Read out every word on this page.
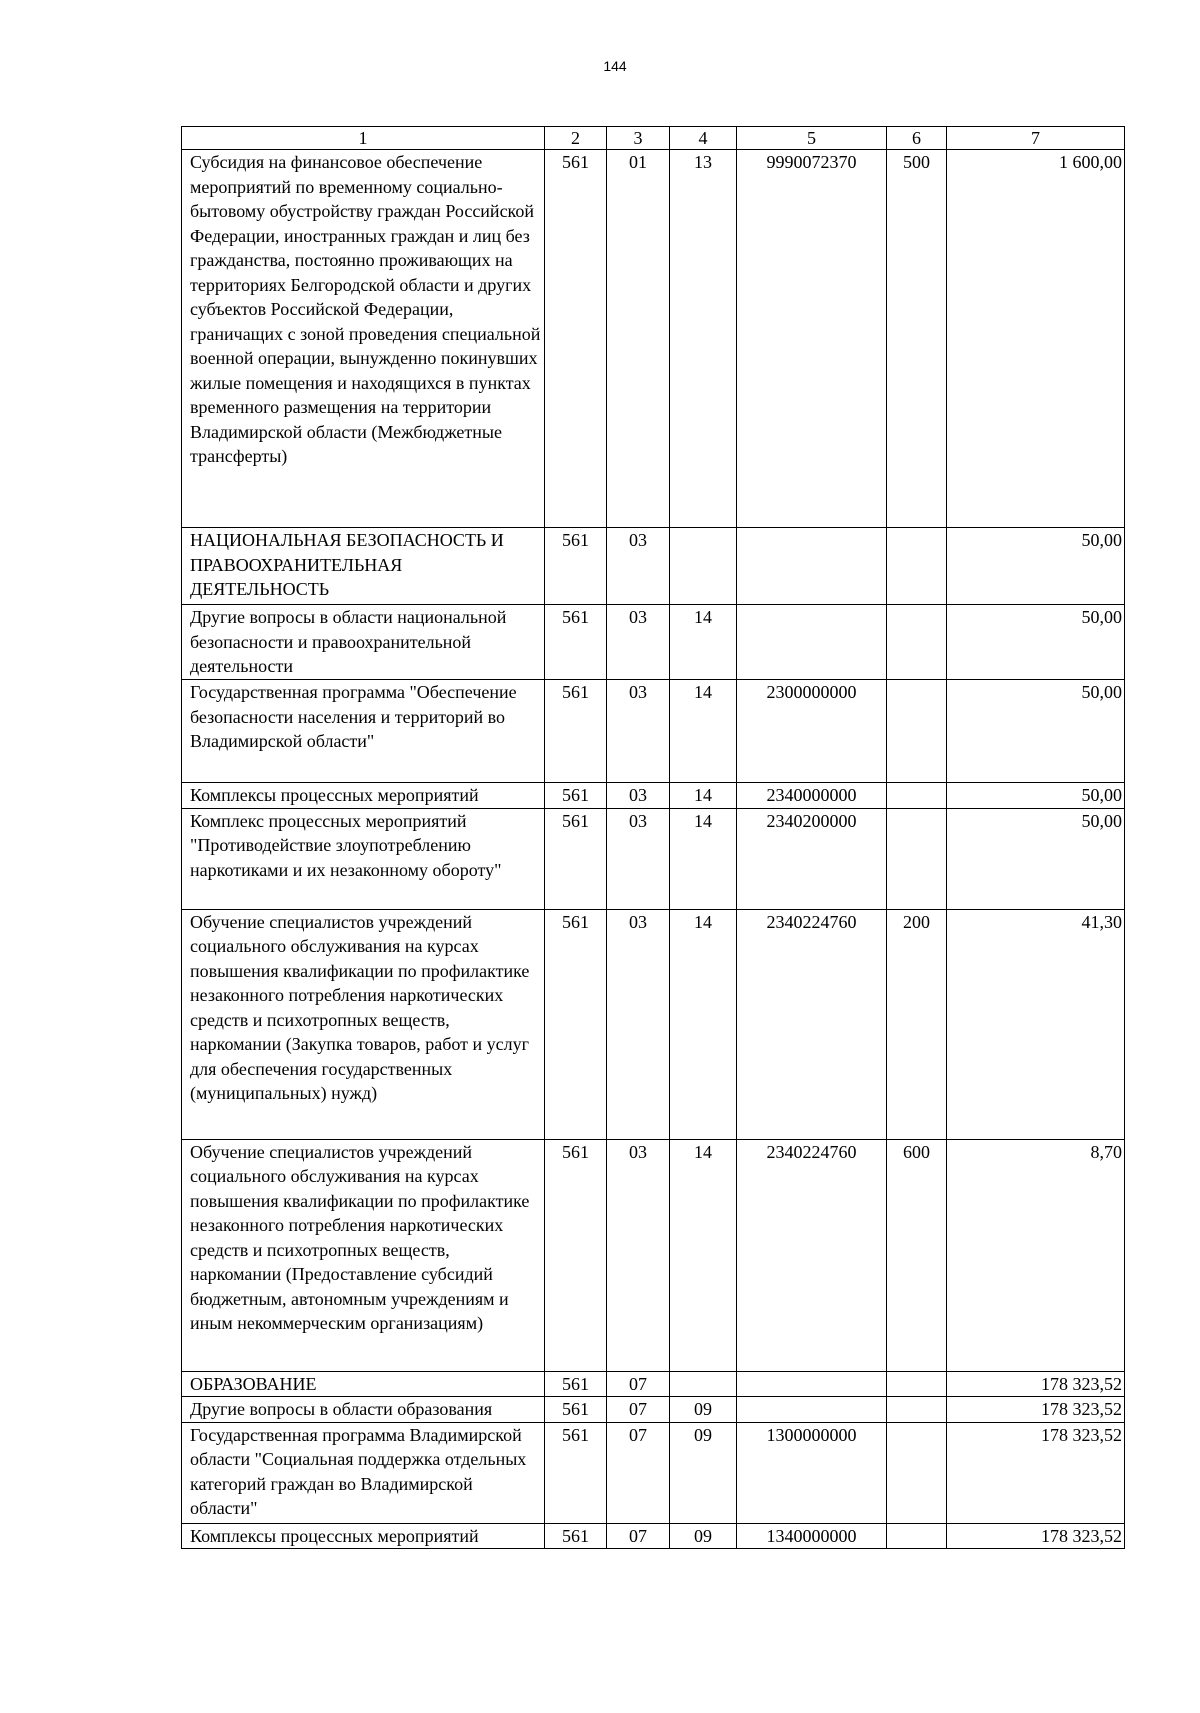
144
1	2	3	4	5	6	7
Субсидия на финансовое обеспечение мероприятий по временному социально-бытовому обустройству граждан Российской Федерации, иностранных граждан и лиц без гражданства, постоянно проживающих на территориях Белгородской области и других субъектов Российской Федерации, граничащих с зоной проведения специальной военной операции, вынужденно покинувших жилые помещения и находящихся в пунктах временного размещения на территории Владимирской области (Межбюджетные трансферты)	561	01	13	9990072370	500	1 600,00
НАЦИОНАЛЬНАЯ БЕЗОПАСНОСТЬ И ПРАВООХРАНИТЕЛЬНАЯ ДЕЯТЕЛЬНОСТЬ	561	03				50,00
Другие вопросы в области национальной безопасности и правоохранительной деятельности	561	03	14			50,00
Государственная программа "Обеспечение безопасности населения и территорий во Владимирской области"	561	03	14	2300000000		50,00
Комплексы процессных мероприятий	561	03	14	2340000000		50,00
Комплекс процессных мероприятий "Противодействие злоупотреблению наркотиками и их незаконному обороту"	561	03	14	2340200000		50,00
Обучение специалистов учреждений социального обслуживания на курсах повышения квалификации по профилактике незаконного потребления наркотических средств и психотропных веществ, наркомании (Закупка товаров, работ и услуг для обеспечения государственных (муниципальных) нужд)	561	03	14	2340224760	200	41,30
Обучение специалистов учреждений социального обслуживания на курсах повышения квалификации по профилактике незаконного потребления наркотических средств и психотропных веществ, наркомании (Предоставление субсидий бюджетным, автономным учреждениям и иным некоммерческим организациям)	561	03	14	2340224760	600	8,70
ОБРАЗОВАНИЕ	561	07				178 323,52
Другие вопросы в области образования	561	07	09			178 323,52
Государственная программа Владимирской области "Социальная поддержка отдельных категорий граждан во Владимирской области"	561	07	09	1300000000		178 323,52
Комплексы процессных мероприятий	561	07	09	1340000000		178 323,52
